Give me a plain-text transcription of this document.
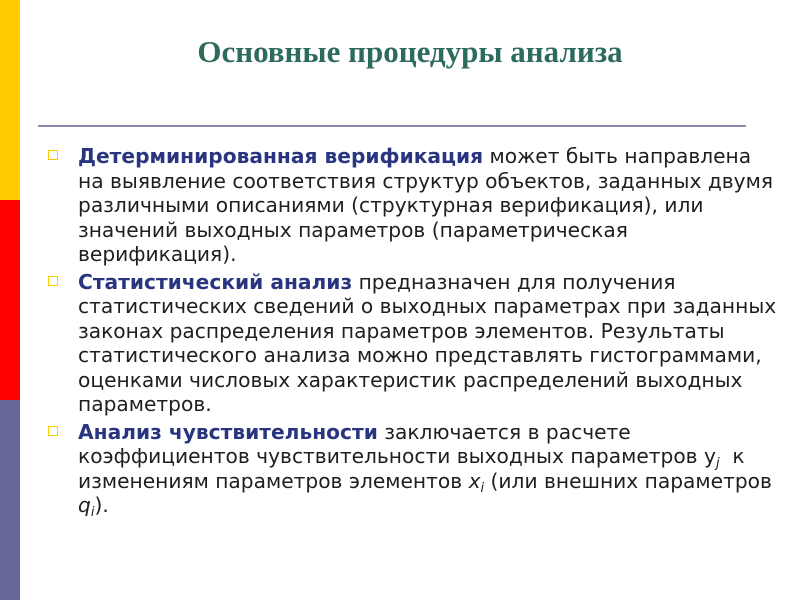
Основные процедуры анализа
Детерминированная верификация может быть направлена на выявление соответствия структур объектов, заданных двумя различными описаниями (структурная верификация), или значений выходных параметров (параметрическая верификация).
Статистический анализ предназначен для получения статистических сведений о выходных параметрах при заданных законах распределения параметров элементов. Результаты статистического анализа можно представлять гистограммами, оценками числовых характеристик распределений выходных параметров.
Анализ чувствительности заключается в расчете коэффициентов чувствительности выходных параметров $y_j$  к изменениям параметров элементов $x_i$ (или внешних параметров $q_i$).
